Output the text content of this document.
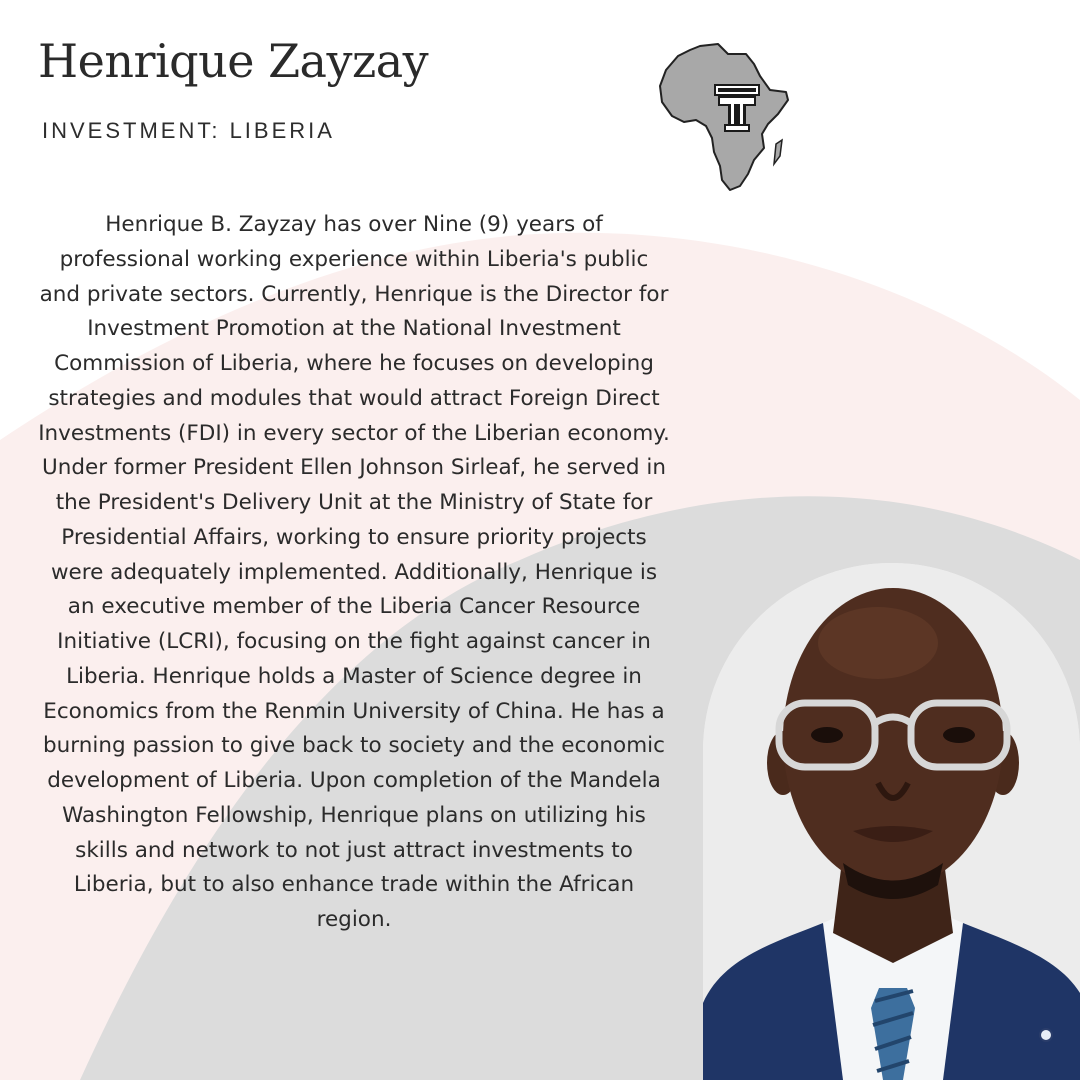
Henrique Zayzay
INVESTMENT: LIBERIA

Henrique B. Zayzay has over Nine (9) years of professional working experience within Liberia's public and private sectors. Currently, Henrique is the Director for Investment Promotion at the National Investment Commission of Liberia, where he focuses on developing strategies and modules that would attract Foreign Direct Investments (FDI) in every sector of the Liberian economy. Under former President Ellen Johnson Sirleaf, he served in the President's Delivery Unit at the Ministry of State for Presidential Affairs, working to ensure priority projects were adequately implemented. Additionally, Henrique is an executive member of the Liberia Cancer Resource Initiative (LCRI), focusing on the fight against cancer in Liberia. Henrique holds a Master of Science degree in Economics from the Renmin University of China. He has a burning passion to give back to society and the economic development of Liberia. Upon completion of the Mandela Washington Fellowship, Henrique plans on utilizing his skills and network to not just attract investments to Liberia, but to also enhance trade within the African region.
